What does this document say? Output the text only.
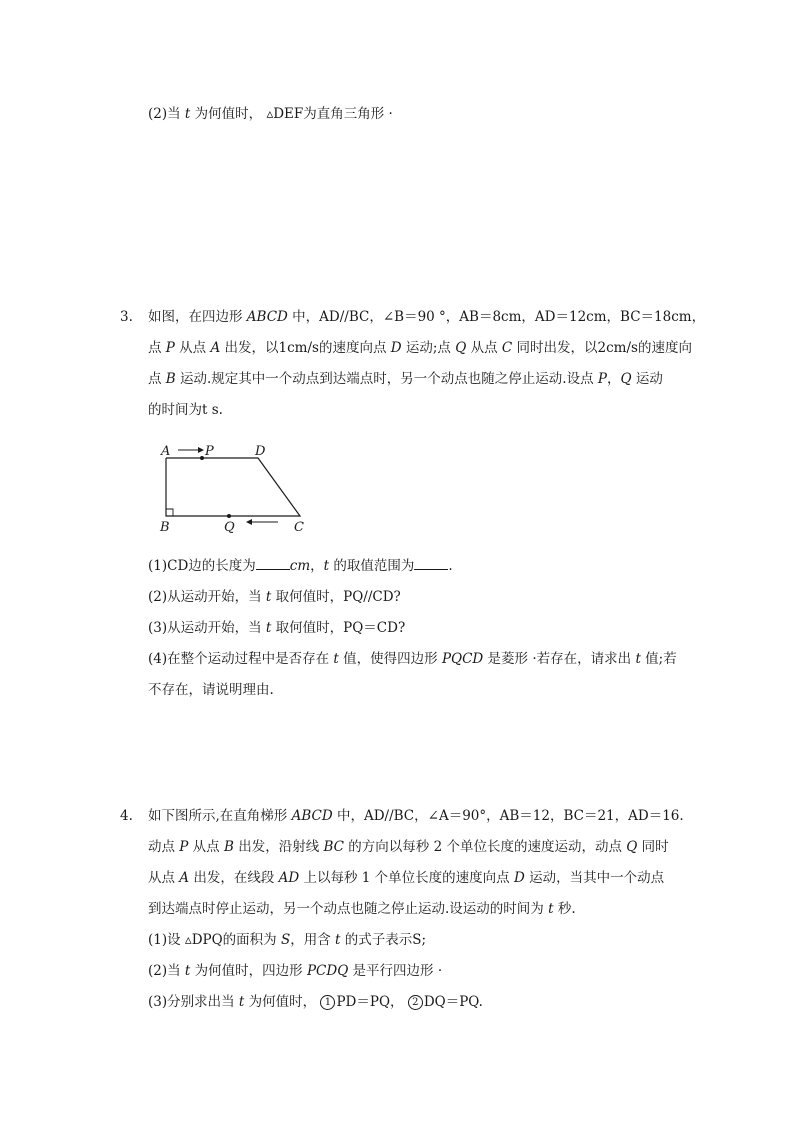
(2)当 t 为何值时， ▵DEF为直角三角形 ·
3. 如图，在四边形 ABCD 中，AD//BC，∠B＝90 °，AB＝8cm，AD＝12cm，BC＝18cm，
点 P 从点 A 出发，以1cm/s的速度向点 D 运动;点 Q 从点 C 同时出发，以2cm/s的速度向
点 B 运动.规定其中一个动点到达端点时，另一个动点也随之停止运动.设点 P，Q 运动
的时间为t s.
A	P	D
B	Q	C
(1)CD边的长度为	cm，t 的取值范围为	.
(2)从运动开始，当 t 取何值时，PQ//CD?
(3)从运动开始，当 t 取何值时，PQ＝CD?
(4)在整个运动过程中是否存在 t 值，使得四边形 PQCD 是菱形 ·若存在，请求出 t 值;若
不存在，请说明理由.
4. 如下图所示,在直角梯形 ABCD 中，AD//BC，∠A＝90°，AB＝12，BC＝21，AD＝16.
动点 P 从点 B 出发，沿射线 BC 的方向以每秒 2 个单位长度的速度运动，动点 Q 同时
从点 A 出发，在线段 AD 上以每秒 1 个单位长度的速度向点 D 运动，当其中一个动点
到达端点时停止运动，另一个动点也随之停止运动.设运动的时间为 t 秒.
(1)设 ▵DPQ的面积为 S，用含 t 的式子表示S;
(2)当 t 为何值时，四边形 PCDQ 是平行四边形 ·
(3)分别求出当 t 为何值时， 1 PD＝PQ， 2 DQ＝PQ.
